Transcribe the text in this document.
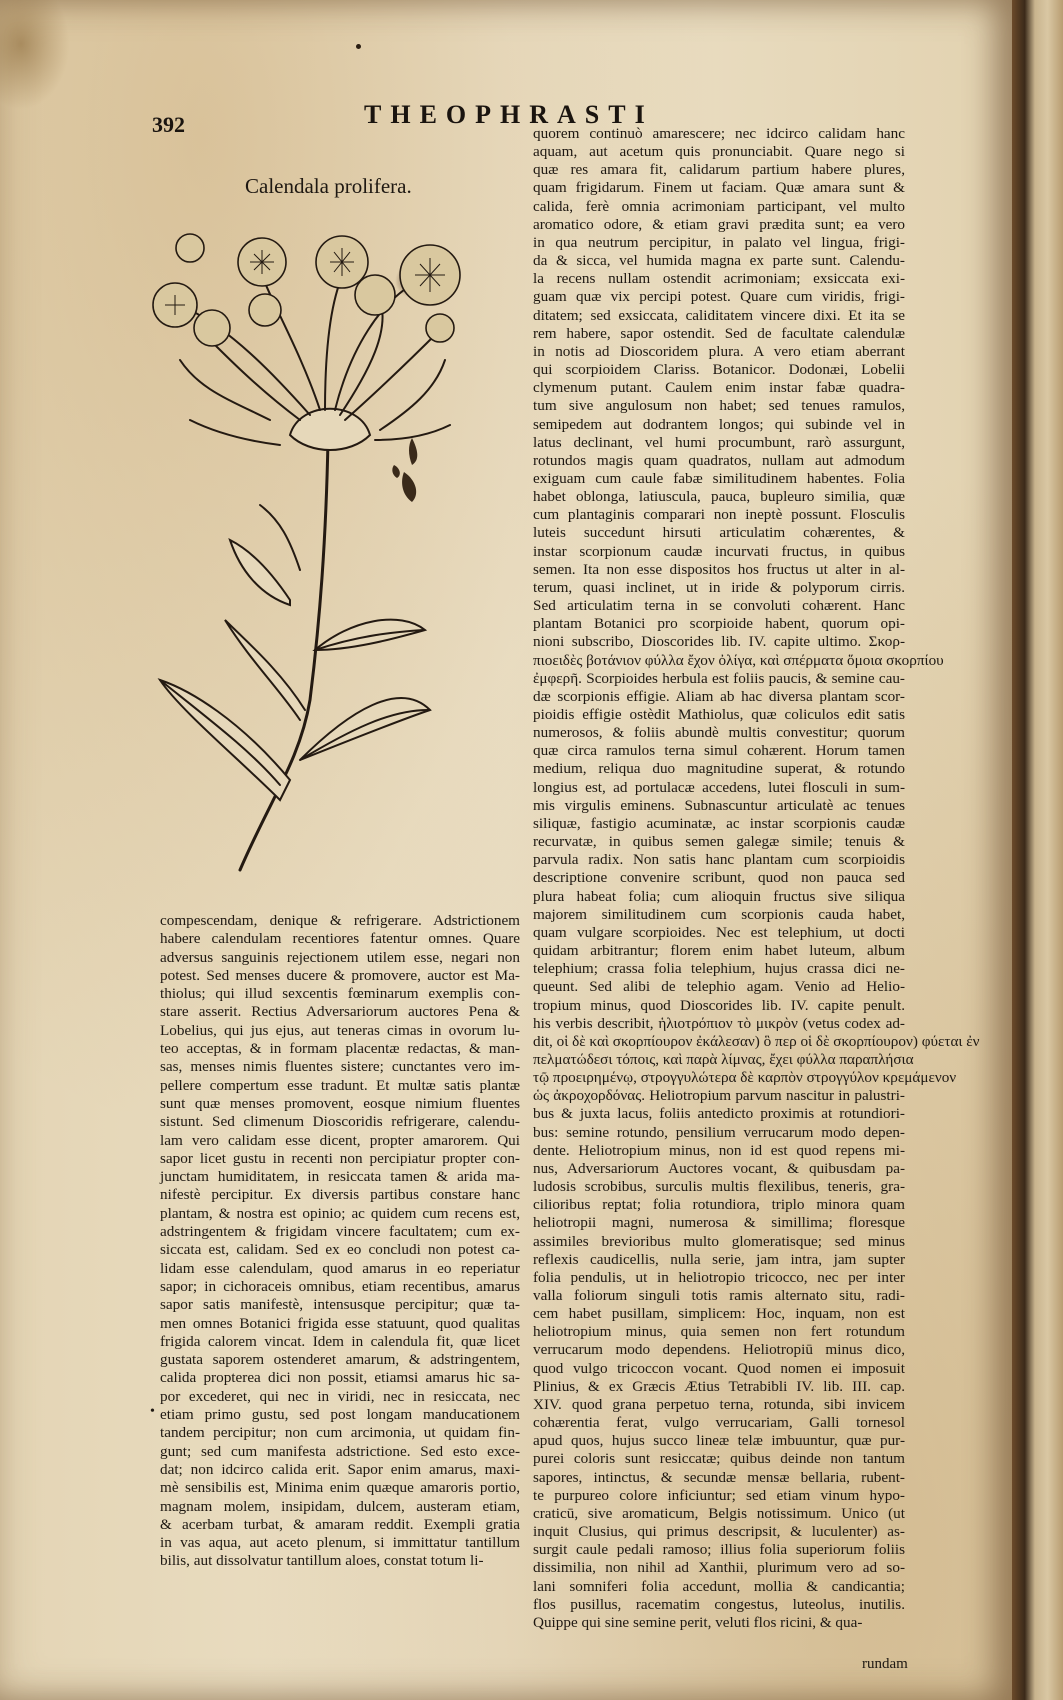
392	THEOPHRASTI
Calendala prolifera.
quorem continuò amarescere; nec idcirco calidam hanc
aquam, aut acetum quis pronunciabit. Quare nego si
quæ res amara fit, calidarum partium habere plures,
quam frigidarum. Finem ut faciam. Quæ amara sunt &
calida, ferè omnia acrimoniam participant, vel multo
aromatico odore, & etiam gravi prædita sunt; ea vero
in qua neutrum percipitur, in palato vel lingua, frigi-
da & sicca, vel humida magna ex parte sunt. Calendu-
la recens nullam ostendit acrimoniam; exsiccata exi-
guam quæ vix percipi potest. Quare cum viridis, frigi-
ditatem; sed exsiccata, caliditatem vincere dixi. Et ita se
rem habere, sapor ostendit. Sed de facultate calendulæ
in notis ad Dioscoridem plura. A vero etiam aberrant
qui scorpioidem Clariss. Botanicor. Dodonæi, Lobelii
clymenum putant. Caulem enim instar fabæ quadra-
tum sive angulosum non habet; sed tenues ramulos,
semipedem aut dodrantem longos; qui subinde vel in
latus declinant, vel humi procumbunt, rarò assurgunt,
rotundos magis quam quadratos, nullam aut admodum
exiguam cum caule fabæ similitudinem habentes. Folia
habet oblonga, latiuscula, pauca, bupleuro similia, quæ
cum plantaginis comparari non ineptè possunt. Flosculis
luteis succedunt hirsuti articulatim cohærentes, &
instar scorpionum caudæ incurvati fructus, in quibus
semen. Ita non esse dispositos hos fructus ut alter in al-
terum, quasi inclinet, ut in iride & polyporum cirris.
Sed articulatim terna in se convoluti cohærent. Hanc
plantam Botanici pro scorpioide habent, quorum opi-
nioni subscribo, Dioscorides lib. IV. capite ultimo. Σκορ-
πιοειδὲς βοτάνιον φύλλα ἔχον ὀλίγα, καὶ σπέρματα ὅμοια σκορπίου
ἐμφερῆ. Scorpioides herbula est foliis paucis, & semine cau-
dæ scorpionis effigie. Aliam ab hac diversa plantam scor-
pioidis effigie ostèdit Mathiolus, quæ coliculos edit satis
numerosos, & foliis abundè multis convestitur; quorum
quæ circa ramulos terna simul cohærent. Horum tamen
medium, reliqua duo magnitudine superat, & rotundo
longius est, ad portulacæ accedens, lutei flosculi in sum-
mis virgulis eminens. Subnascuntur articulatè ac tenues
siliquæ, fastigio acuminatæ, ac instar scorpionis caudæ
recurvatæ, in quibus semen galegæ simile; tenuis &
parvula radix. Non satis hanc plantam cum scorpioidis
descriptione convenire scribunt, quod non pauca sed
plura habeat folia; cum alioquin fructus sive siliqua
majorem similitudinem cum scorpionis cauda habet,
quam vulgare scorpioides. Nec est telephium, ut docti
quidam arbitrantur; florem enim habet luteum, album
telephium; crassa folia telephium, hujus crassa dici ne-
queunt. Sed alibi de telephio agam. Venio ad Helio-
tropium minus, quod Dioscorides lib. IV. capite penult.
his verbis describit, ἡλιοτρόπιον τὸ μικρὸν (vetus codex ad-
dit, οἱ δὲ καὶ σκορπίουρον ἐκάλεσαν) ὃ περ οἱ δὲ σκορπίουρον) φύεται ἐν
πελματώδεσι τόποις, καὶ παρὰ λίμνας, ἔχει φύλλα παραπλήσια
τῷ προειρημένῳ, στρογγυλώτερα δὲ καρπὸν στρογγύλον κρεμάμενον
ὡς ἀκροχορδόνας. Heliotropium parvum nascitur in palustri-
bus & juxta lacus, foliis antedicto proximis at rotundiori-
bus: semine rotundo, pensilium verrucarum modo depen-
dente. Heliotropium minus, non id est quod repens mi-
nus, Adversariorum Auctores vocant, & quibusdam pa-
ludosis scrobibus, surculis multis flexilibus, teneris, gra-
cilioribus reptat; folia rotundiora, triplo minora quam
heliotropii magni, numerosa & simillima; floresque
assimiles brevioribus multo glomeratisque; sed minus
reflexis caudicellis, nulla serie, jam intra, jam supter
folia pendulis, ut in heliotropio tricocco, nec per inter
valla foliorum singuli totis ramis alternato situ, radi-
cem habet pusillam, simplicem: Hoc, inquam, non est
heliotropium minus, quia semen non fert rotundum
verrucarum modo dependens. Heliotropiū minus dico,
quod vulgo tricoccon vocant. Quod nomen ei imposuit
Plinius, & ex Græcis Ætius Tetrabibli IV. lib. III. cap.
XIV. quod grana perpetuo terna, rotunda, sibi invicem
cohærentia ferat, vulgo verrucariam, Galli tornesol
apud quos, hujus succo lineæ telæ imbuuntur, quæ pur-
purei coloris sunt resiccatæ; quibus deinde non tantum
sapores, intinctus, & secundæ mensæ bellaria, rubent-
te purpureo colore inficiuntur; sed etiam vinum hypo-
craticū, sive aromaticum, Belgis notissimum. Unico (ut
inquit Clusius, qui primus descripsit, & luculenter) as-
surgit caule pedali ramoso; illius folia superiorum foliis
dissimilia, non nihil ad Xanthii, plurimum vero ad so-
lani somniferi folia accedunt, mollia & candicantia;
flos pusillus, racematim congestus, luteolus, inutilis.
Quippe qui sine semine perit, veluti flos ricini, & qua-
compescendam, denique & refrigerare. Adstrictionem
habere calendulam recentiores fatentur omnes. Quare
adversus sanguinis rejectionem utilem esse, negari non
potest. Sed menses ducere & promovere, auctor est Ma-
thiolus; qui illud sexcentis fœminarum exemplis con-
stare asserit. Rectius Adversariorum auctores Pena &
Lobelius, qui jus ejus, aut teneras cimas in ovorum lu-
teo acceptas, & in formam placentæ redactas, & man-
sas, menses nimis fluentes sistere; cunctantes vero im-
pellere compertum esse tradunt. Et multæ satis plantæ
sunt quæ menses promovent, eosque nimium fluentes
sistunt. Sed climenum Dioscoridis refrigerare, calendu-
lam vero calidam esse dicent, propter amarorem. Qui
sapor licet gustu in recenti non percipiatur propter con-
junctam humiditatem, in resiccata tamen & arida ma-
nifestè percipitur. Ex diversis partibus constare hanc
plantam, & nostra est opinio; ac quidem cum recens est,
adstringentem & frigidam vincere facultatem; cum ex-
siccata est, calidam. Sed ex eo concludi non potest ca-
lidam esse calendulam, quod amarus in eo reperiatur
sapor; in cichoraceis omnibus, etiam recentibus, amarus
sapor satis manifestè, intensusque percipitur; quæ ta-
men omnes Botanici frigida esse statuunt, quod qualitas
frigida calorem vincat. Idem in calendula fit, quæ licet
gustata saporem ostenderet amarum, & adstringentem,
calida propterea dici non possit, etiamsi amarus hic sa-
por excederet, qui nec in viridi, nec in resiccata, nec
etiam primo gustu, sed post longam manducationem
tandem percipitur; non cum arcimonia, ut quidam fin-
gunt; sed cum manifesta adstrictione. Sed esto exce-
dat; non idcirco calida erit. Sapor enim amarus, maxi-
mè sensibilis est, Minima enim quæque amaroris portio,
magnam molem, insipidam, dulcem, austeram etiam,
& acerbam turbat, & amaram reddit. Exempli gratia
in vas aqua, aut aceto plenum, si immittatur tantillum
bilis, aut dissolvatur tantillum aloes, constat totum li-
•
rundam
